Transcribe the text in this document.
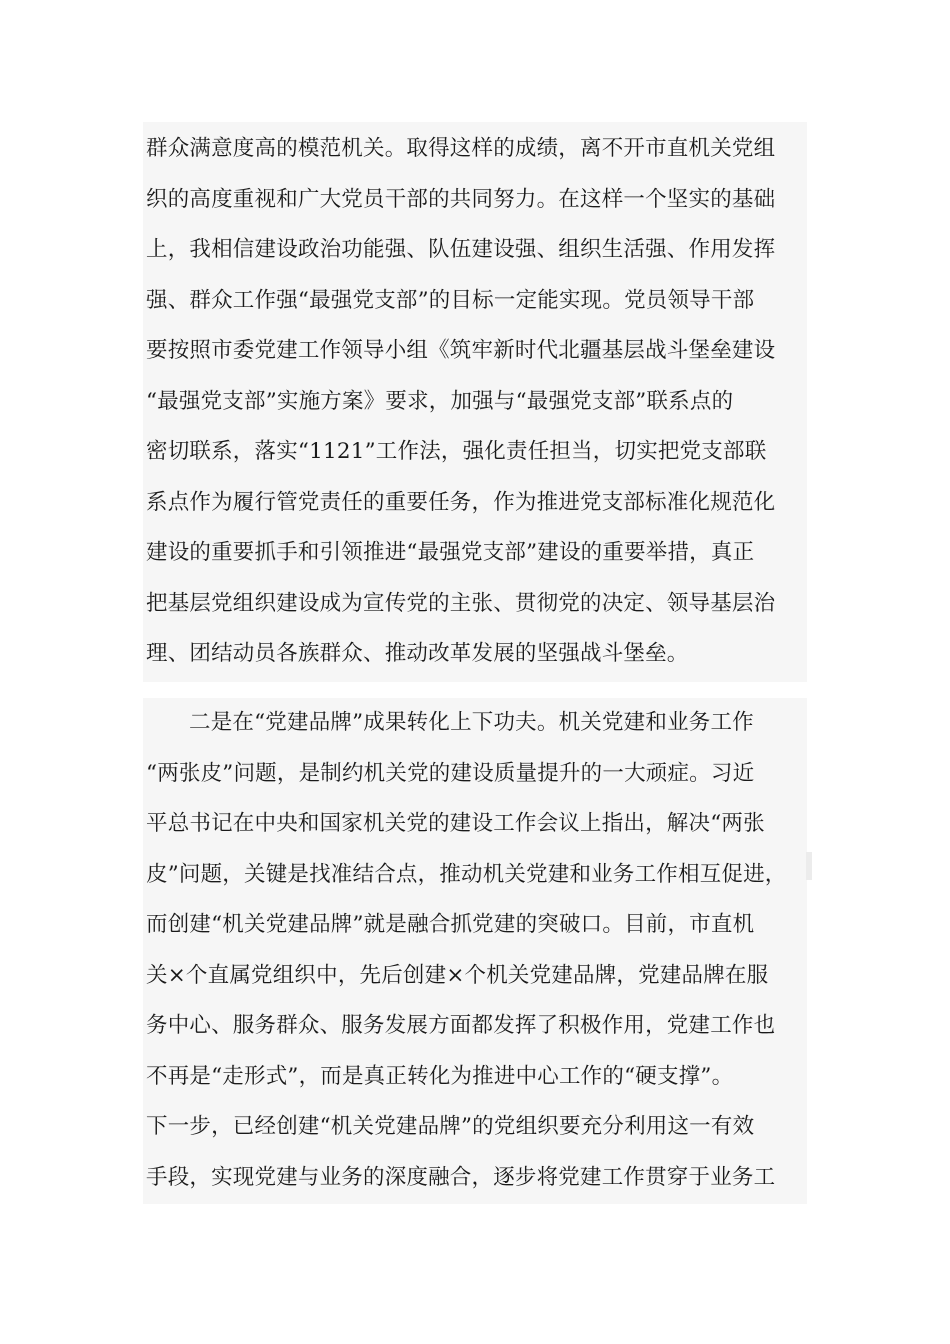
群众满意度高的模范机关。取得这样的成绩，离不开市直机关党组

织的高度重视和广大党员干部的共同努力。在这样一个坚实的基础

上，我相信建设政治功能强、队伍建设强、组织生活强、作用发挥

强、群众工作强“最强党支部”的目标一定能实现。党员领导干部

要按照市委党建工作领导小组《筑牢新时代北疆基层战斗堡垒建设

“最强党支部”实施方案》要求，加强与“最强党支部”联系点的

密切联系，落实“1121”工作法，强化责任担当，切实把党支部联

系点作为履行管党责任的重要任务，作为推进党支部标准化规范化

建设的重要抓手和引领推进“最强党支部”建设的重要举措，真正

把基层党组织建设成为宣传党的主张、贯彻党的决定、领导基层治

理、团结动员各族群众、推动改革发展的坚强战斗堡垒。

二是在“党建品牌”成果转化上下功夫。机关党建和业务工作

“两张皮”问题，是制约机关党的建设质量提升的一大顽症。习近

平总书记在中央和国家机关党的建设工作会议上指出，解决“两张

皮”问题，关键是找准结合点，推动机关党建和业务工作相互促进，

而创建“机关党建品牌”就是融合抓党建的突破口。目前，市直机

关×个直属党组织中，先后创建×个机关党建品牌，党建品牌在服

务中心、服务群众、服务发展方面都发挥了积极作用，党建工作也

不再是“走形式”，而是真正转化为推进中心工作的“硬支撑”。

下一步，已经创建“机关党建品牌”的党组织要充分利用这一有效

手段，实现党建与业务的深度融合，逐步将党建工作贯穿于业务工
